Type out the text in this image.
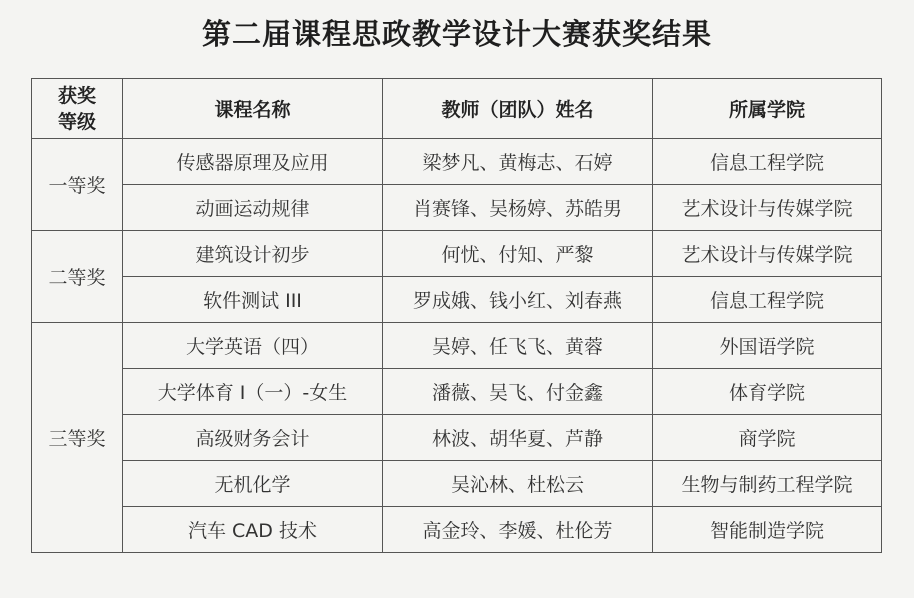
第二届课程思政教学设计大赛获奖结果
获奖
等级	课程名称	教师（团队）姓名	所属学院
一等奖	传感器原理及应用	梁梦凡、黄梅志、石婷	信息工程学院
	动画运动规律	肖赛锋、吴杨婷、苏皓男	艺术设计与传媒学院
二等奖	建筑设计初步	何忧、付知、严黎	艺术设计与传媒学院
	软件测试 III	罗成娥、钱小红、刘春燕	信息工程学院
三等奖	大学英语（四）	吴婷、任飞飞、黄蓉	外国语学院
	大学体育 I（一）-女生	潘薇、吴飞、付金鑫	体育学院
	高级财务会计	林波、胡华夏、芦静	商学院
	无机化学	吴沁林、杜松云	生物与制药工程学院
	汽车 CAD 技术	高金玲、李媛、杜伦芳	智能制造学院
